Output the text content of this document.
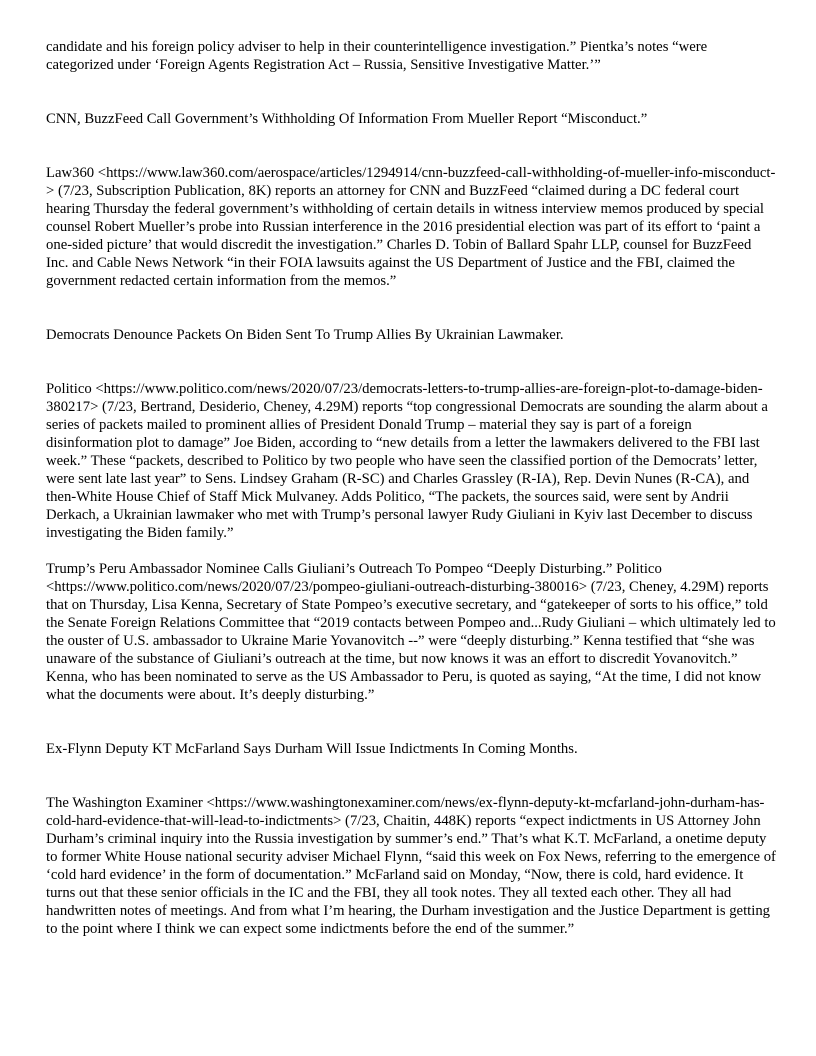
candidate and his foreign policy adviser to help in their counterintelligence investigation.” Pientka’s notes “were categorized under ‘Foreign Agents Registration Act – Russia, Sensitive Investigative Matter.’”

CNN, BuzzFeed Call Government’s Withholding Of Information From Mueller Report “Misconduct.”

Law360 <https://www.law360.com/aerospace/articles/1294914/cnn-buzzfeed-call-withholding-of-mueller-info-misconduct-> (7/23, Subscription Publication, 8K) reports an attorney for CNN and BuzzFeed “claimed during a DC federal court hearing Thursday the federal government’s withholding of certain details in witness interview memos produced by special counsel Robert Mueller’s probe into Russian interference in the 2016 presidential election was part of its effort to ‘paint a one-sided picture’ that would discredit the investigation.” Charles D. Tobin of Ballard Spahr LLP, counsel for BuzzFeed Inc. and Cable News Network “in their FOIA lawsuits against the US Department of Justice and the FBI, claimed the government redacted certain information from the memos.”

Democrats Denounce Packets On Biden Sent To Trump Allies By Ukrainian Lawmaker.

Politico <https://www.politico.com/news/2020/07/23/democrats-letters-to-trump-allies-are-foreign-plot-to-damage-biden-380217> (7/23, Bertrand, Desiderio, Cheney, 4.29M) reports “top congressional Democrats are sounding the alarm about a series of packets mailed to prominent allies of President Donald Trump – material they say is part of a foreign disinformation plot to damage” Joe Biden, according to “new details from a letter the lawmakers delivered to the FBI last week.” These “packets, described to Politico by two people who have seen the classified portion of the Democrats’ letter, were sent late last year” to Sens. Lindsey Graham (R-SC) and Charles Grassley (R-IA), Rep. Devin Nunes (R-CA), and then-White House Chief of Staff Mick Mulvaney. Adds Politico, “The packets, the sources said, were sent by Andrii Derkach, a Ukrainian lawmaker who met with Trump’s personal lawyer Rudy Giuliani in Kyiv last December to discuss investigating the Biden family.”

Trump’s Peru Ambassador Nominee Calls Giuliani’s Outreach To Pompeo “Deeply Disturbing.” Politico <https://www.politico.com/news/2020/07/23/pompeo-giuliani-outreach-disturbing-380016> (7/23, Cheney, 4.29M) reports that on Thursday, Lisa Kenna, Secretary of State Pompeo’s executive secretary, and “gatekeeper of sorts to his office,” told the Senate Foreign Relations Committee that “2019 contacts between Pompeo and...Rudy Giuliani – which ultimately led to the ouster of U.S. ambassador to Ukraine Marie Yovanovitch --” were “deeply disturbing.” Kenna testified that “she was unaware of the substance of Giuliani’s outreach at the time, but now knows it was an effort to discredit Yovanovitch.” Kenna, who has been nominated to serve as the US Ambassador to Peru, is quoted as saying, “At the time, I did not know what the documents were about. It’s deeply disturbing.”

Ex-Flynn Deputy KT McFarland Says Durham Will Issue Indictments In Coming Months.

The Washington Examiner <https://www.washingtonexaminer.com/news/ex-flynn-deputy-kt-mcfarland-john-durham-has-cold-hard-evidence-that-will-lead-to-indictments> (7/23, Chaitin, 448K) reports “expect indictments in US Attorney John Durham’s criminal inquiry into the Russia investigation by summer’s end.” That’s what K.T. McFarland, a onetime deputy to former White House national security adviser Michael Flynn, “said this week on Fox News, referring to the emergence of ‘cold hard evidence’ in the form of documentation.” McFarland said on Monday, “Now, there is cold, hard evidence. It turns out that these senior officials in the IC and the FBI, they all took notes. They all texted each other. They all had handwritten notes of meetings. And from what I’m hearing, the Durham investigation and the Justice Department is getting to the point where I think we can expect some indictments before the end of the summer.”
